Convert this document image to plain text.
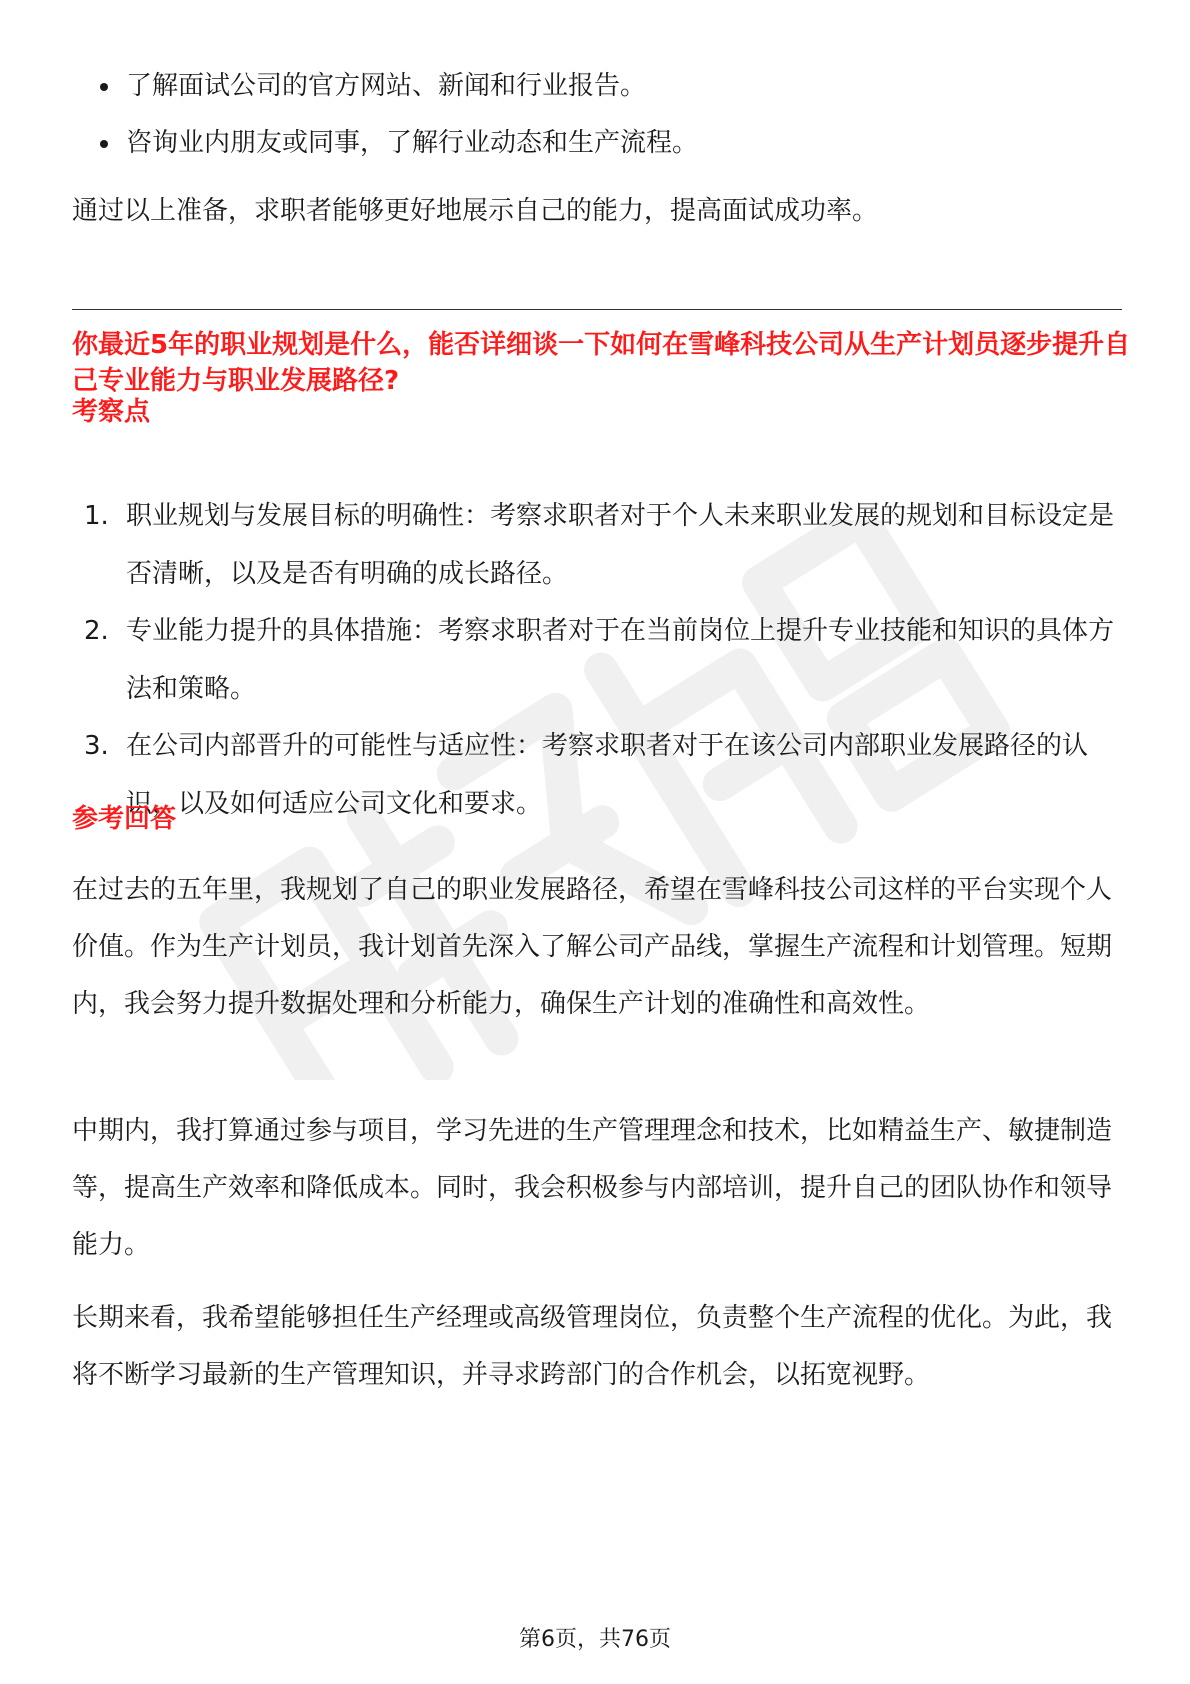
了解面试公司的官方网站、新闻和行业报告。
咨询业内朋友或同事，了解行业动态和生产流程。

通过以上准备，求职者能够更好地展示自己的能力，提高面试成功率。

你最近5年的职业规划是什么，能否详细谈一下如何在雪峰科技公司从生产计划员逐步提升自己专业能力与职业发展路径?
考察点
1. 职业规划与发展目标的明确性：考察求职者对于个人未来职业发展的规划和目标设定是否清晰，以及是否有明确的成长路径。
2. 专业能力提升的具体措施：考察求职者对于在当前岗位上提升专业技能和知识的具体方法和策略。
3. 在公司内部晋升的可能性与适应性：考察求职者对于在该公司内部职业发展路径的认识，以及如何适应公司文化和要求。
参考回答

在过去的五年里，我规划了自己的职业发展路径，希望在雪峰科技公司这样的平台实现个人价值。作为生产计划员，我计划首先深入了解公司产品线，掌握生产流程和计划管理。短期内，我会努力提升数据处理和分析能力，确保生产计划的准确性和高效性。

中期内，我打算通过参与项目，学习先进的生产管理理念和技术，比如精益生产、敏捷制造等，提高生产效率和降低成本。同时，我会积极参与内部培训，提升自己的团队协作和领导能力。

长期来看，我希望能够担任生产经理或高级管理岗位，负责整个生产流程的优化。为此，我将不断学习最新的生产管理知识，并寻求跨部门的合作机会，以拓宽视野。

第6页，共76页
